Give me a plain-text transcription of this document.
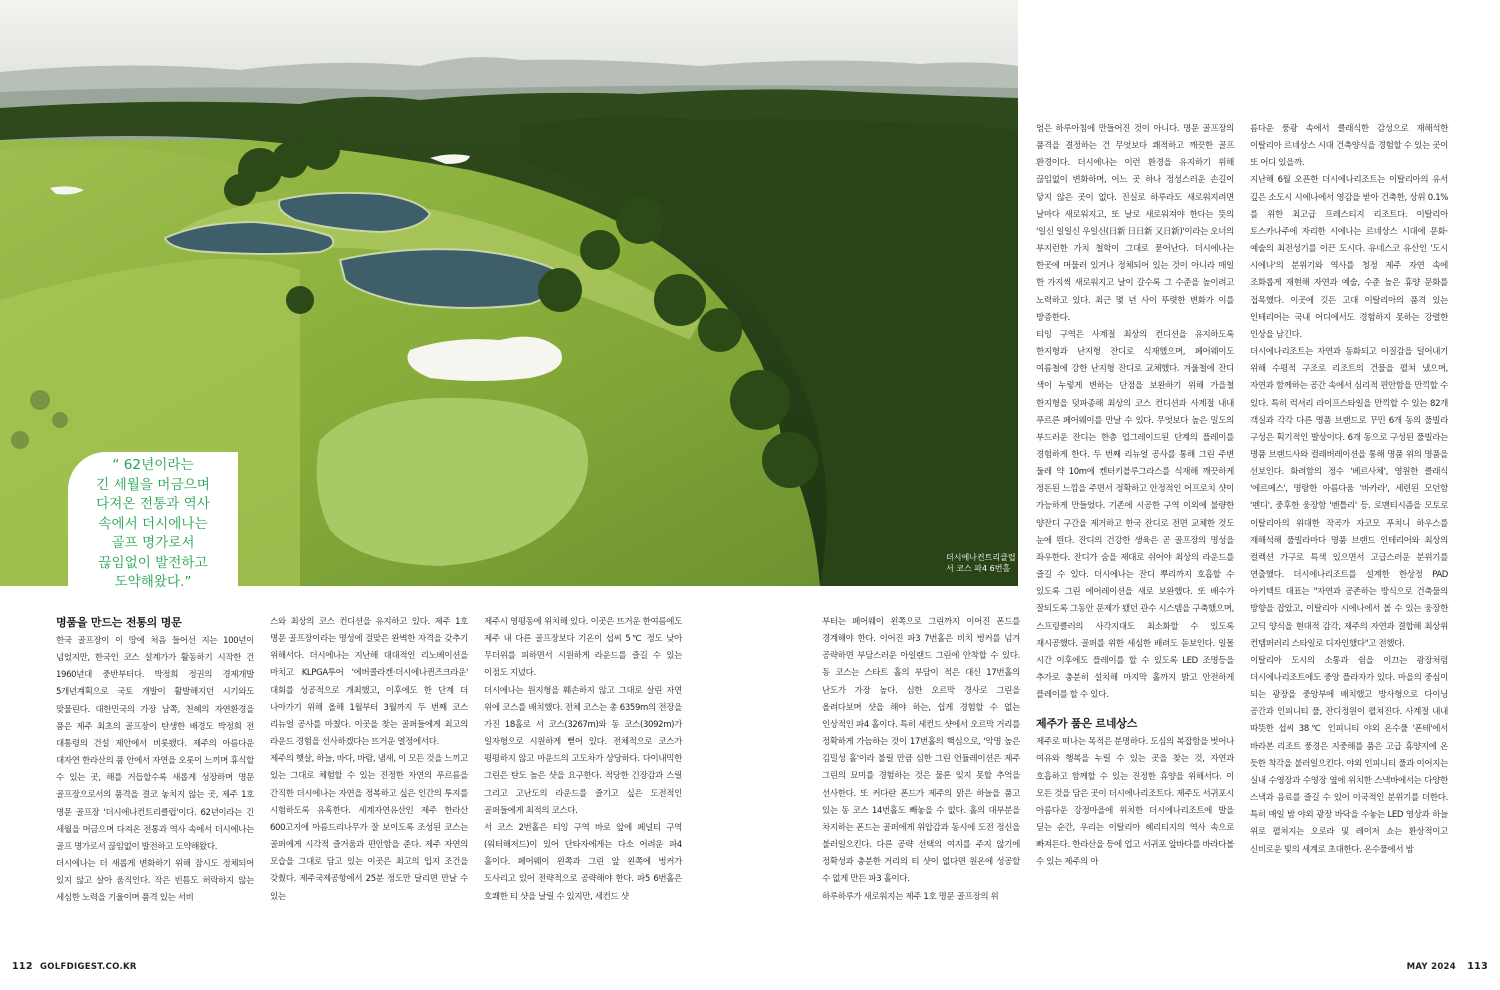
더시에나컨트리클럽
서 코스 파4 6번홀
“ 62년이라는
긴 세월을 머금으며
다져온 전통과 역사
속에서 더시에나는
골프 명가로서
끊임없이 발전하고
도약해왔다.”
명품을 만드는 전통의 명문

한국 골프장이 이 땅에 처음 들어선 지는 100년이 넘었지만, 한국인 코스 설계가가 활동하기 시작한 건 1960년대 중반부터다. 박정희 정권의 경제개발 5개년계획으로 국토 개발이 활발해지던 시기와도 맞물린다. 대한민국의 가장 남쪽, 천혜의 자연환경을 품은 제주 최초의 골프장이 탄생한 배경도 박정희 전 대통령의 건설 제안에서 비롯됐다. 제주의 아름다운 대자연 한라산의 품 안에서 자연을 오롯이 느끼며 휴식할 수 있는 곳, 해를 거듭할수록 새롭게 성장하며 명문 골프장으로서의 품격을 결코 놓치지 않는 곳, 제주 1호 명문 골프장 '더시에나컨트리클럽'이다. 62년이라는 긴 세월을 머금으며 다져온 전통과 역사 속에서 더시에나는 골프 명가로서 끊임없이 발전하고 도약해왔다.

더시에나는 더 새롭게 변화하기 위해 잠시도 정체되어 있지 않고 살아 움직인다. 작은 빈틈도 허락하지 않는 세심한 노력을 기울이며 품격 있는 서비

스와 최상의 코스 컨디션을 유지하고 있다. 제주 1호 명문 골프장이라는 명성에 걸맞은 완벽한 자격을 갖추기 위해서다. 더시에나는 지난해 대대적인 리노베이션을 마치고 KLPGA투어 '에버콜라겐·더시에나퀸즈크라운' 대회를 성공적으로 개최했고, 이후에도 한 단계 더 나아가기 위해 올해 1월부터 3월까지 두 번째 코스 리뉴얼 공사를 마쳤다. 이곳을 찾는 골퍼들에게 최고의 라운드 경험을 선사하겠다는 뜨거운 열정에서다.

제주의 햇살, 하늘, 바다, 바람, 냄새, 이 모든 것을 느끼고 있는 그대로 체험할 수 있는 진정한 자연의 푸르름을 간직한 더시에나는 자연을 정복하고 싶은 인간의 투지를 시험하도록 유혹한다. 세계자연유산인 제주 한라산 600고지에 아름드리나무가 잘 보이도록 조성된 코스는 골퍼에게 시각적 즐거움과 편안함을 준다. 제주 자연의 모습을 그대로 담고 있는 이곳은 최고의 입지 조건을 갖췄다. 제주국제공항에서 25분 정도만 달리면 만날 수 있는

제주시 영평동에 위치해 있다. 이곳은 뜨거운 한여름에도 제주 내 다른 골프장보다 기온이 섭씨 5℃ 정도 낮아 무더위를 피하면서 시원하게 라운드를 즐길 수 있는 이점도 지녔다.

더시에나는 원지형을 훼손하지 않고 그대로 살린 자연 위에 코스를 배치했다. 전체 코스는 총 6359m의 전장을 가진 18홀로 서 코스(3267m)와 동 코스(3092m)가 일자형으로 시원하게 뻗어 있다. 전체적으로 코스가 평평하지 않고 마운드의 고도차가 상당하다. 다이내믹한 그린은 탄도 높은 샷을 요구한다. 적당한 긴장감과 스릴 그리고 고난도의 라운드를 즐기고 싶은 도전적인 골퍼들에게 최적의 코스다.

서 코스 2번홀은 티잉 구역 바로 앞에 페널티 구역(워터해저드)이 있어 단타자에게는 다소 어려운 파4 홀이다. 페어웨이 왼쪽과 그린 앞 왼쪽에 벙커가 도사리고 있어 전략적으로 공략해야 한다. 파5 6번홀은 호쾌한 티 샷을 날릴 수 있지만, 세컨드 샷

부터는 페어웨이 왼쪽으로 그린까지 이어진 폰드를 경계해야 한다. 이어진 파3 7번홀은 비치 벙커를 넘겨 공략하면 부담스러운 아일랜드 그린에 안착할 수 있다. 동 코스는 스타트 홀의 부담이 적은 대신 17번홀의 난도가 가장 높다. 심한 오르막 경사로 그린을 올려다보며 샷을 해야 하는, 쉽게 경험할 수 없는 인상적인 파4 홀이다. 특히 세컨드 샷에서 오르막 거리를 정확하게 가늠하는 것이 17번홀의 핵심으로, '악명 높은 김밀성 홀'이라 불릴 만큼 심한 그린 언듈레이션은 제주 그린의 묘미를 경험하는 것은 물론 잊지 못할 추억을 선사한다. 또 커다란 폰드가 제주의 맑은 하늘을 품고 있는 동 코스 14번홀도 빼놓을 수 없다. 홀의 대부분을 차지하는 폰드는 골퍼에게 위압감과 동시에 도전 정신을 불러일으킨다. 다른 공략 선택의 여지를 주지 않기에 정확성과 충분한 거리의 티 샷이 없다면 원온에 성공할 수 없게 만든 파3 홀이다.

하루하루가 새로워지는 제주 1호 명문 골프장의 위

엄은 하루아침에 만들어진 것이 아니다. 명문 골프장의 품격을 결정하는 건 무엇보다 쾌적하고 깨끗한 골프 환경이다. 더시에나는 이런 환경을 유지하기 위해 끊임없이 변화하며, 어느 곳 하나 정성스러운 손길이 닿지 않은 곳이 없다. 진실로 하루라도 새로워지려면 날마다 새로워지고, 또 날로 새로워져야 한다는 뜻의 '일신 일일신 우일신(日新 日日新 又日新)'이라는 오너의 부지런한 가치 철학이 그대로 묻어난다. 더시에나는 한곳에 머물러 있거나 정체되어 있는 것이 아니라 매일 한 가지씩 새로워지고 날이 갈수록 그 수준을 높이려고 노력하고 있다. 최근 몇 년 사이 뚜렷한 변화가 이를 방증한다.

티잉 구역은 사계절 최상의 컨디션을 유지하도록 한지형과 난지형 잔디로 식재했으며, 페어웨이도 여름철에 강한 난지형 잔디로 교체했다. 겨울철에 잔디 색이 누렇게 변하는 단점을 보완하기 위해 가을철 한지형을 덧파종해 최상의 코스 컨디션과 사계절 내내 푸르른 페어웨이를 만날 수 있다. 무엇보다 높은 밀도의 부드러운 잔디는 한층 업그레이드된 단계의 플레이를 경험하게 한다. 두 번째 리뉴얼 공사를 통해 그린 주변 둘레 약 10m에 켄터키블루그라스를 식재해 깨끗하게 정돈된 느낌을 주면서 정확하고 안정적인 어프로치 샷이 가능하게 만들었다. 기존에 시공한 구역 이외에 불량한 양잔디 구간을 제거하고 한국 잔디로 전면 교체한 것도 눈에 띈다. 잔디의 건강한 생육은 곧 골프장의 명성을 좌우한다. 잔디가 숨을 제대로 쉬어야 최상의 라운드를 즐길 수 있다. 더시에나는 잔디 뿌리까지 호흡할 수 있도록 그린 에어레이션을 새로 보완했다. 또 배수가 잘되도록 그동안 문제가 됐던 관수 시스템을 구축했으며, 스프링클러의 사각지대도 최소화할 수 있도록 재시공했다. 골퍼를 위한 세심한 배려도 돋보인다. 일몰 시간 이후에도 플레이를 할 수 있도록 LED 조명등을 추가로 충분히 설치해 마지막 홀까지 밝고 안전하게 플레이를 할 수 있다.

제주가 품은 르네상스

제주로 떠나는 목적은 분명하다. 도심의 복잡함을 벗어나 여유와 행복을 누릴 수 있는 곳을 찾는 것, 자연과 호흡하고 함께할 수 있는 진정한 휴양을 위해서다. 이 모든 것을 담은 곳이 더시에나리조트다. 제주도 서귀포시 아름다운 강정마을에 위치한 더시에나리조트에 발을 딛는 순간, 우리는 이탈리아 헤리티지의 역사 속으로 빠져든다. 한라산을 등에 업고 서귀포 앞바다를 바라다볼 수 있는 제주의 아

름다운 풍광 속에서 클래식한 감성으로 재해석한 이탈리아 르네상스 시대 건축양식을 경험할 수 있는 곳이 또 어디 있을까.

지난해 6월 오픈한 더시에나리조트는 이탈리아의 유서 깊은 소도시 시에나에서 영감을 받아 건축한, 상위 0.1%를 위한 최고급 프레스티지 리조트다. 이탈리아 토스카나주에 자리한 시에나는 르네상스 시대에 문화·예술의 최전성기를 이끈 도시다. 유네스코 유산인 '도시 시에나'의 분위기와 역사를 청정 제주 자연 속에 조화롭게 재현해 자연과 예술, 수준 높은 휴양 문화를 접목했다. 이곳에 깃든 고대 이탈리아의 품격 있는 인테리어는 국내 어디에서도 경험하지 못하는 강렬한 인상을 남긴다.

더시에나리조트는 자연과 동화되고 이질감을 덜어내기 위해 수평적 구조로 리조트의 건물을 펼쳐 냈으며, 자연과 함께하는 공간 속에서 심리적 편안함을 만끽할 수 있다. 특히 럭셔리 라이프스타일을 만끽할 수 있는 82개 객실과 각각 다른 명품 브랜드로 꾸민 6개 동의 풀빌라 구성은 획기적인 발상이다. 6개 동으로 구성된 풀빌라는 명품 브랜드사와 컬래버레이션을 통해 명품 위의 명품을 선보인다. 화려함의 정수 '베르사체', 영원한 클래식 '에르메스', 명랑한 아름다움 '바카라', 세련된 모던함 '펜디', 중후한 웅장함 '벤틀리' 등. 로맨티시즘을 모토로 이탈리아의 위대한 작곡가 자코모 푸치니 하우스를 재해석해 풀빌라마다 명품 브랜드 인테리어와 최상의 컬렉션 가구로 특색 있으면서 고급스러운 분위기를 연출했다. 더시에나리조트를 설계한 한상정 PAD 아키텍트 대표는 "자연과 공존하는 방식으로 건축물의 방향을 잡았고, 이탈리아 시에나에서 볼 수 있는 웅장한 고딕 양식을 현대적 감각, 제주의 자연과 결합해 최상위 컨템퍼러리 스타일로 디자인했다"고 전했다.

이탈리아 도시의 소통과 쉼을 이끄는 광장처럼 더시에나리조트에도 중앙 플라자가 있다. 마을의 중심이 되는 광장을 중앙부에 배치했고 방사형으로 다이닝 공간과 인피니티 풀, 잔디정원이 펼쳐진다. 사계절 내내 따뜻한 섭씨 38℃ 인피니티 야외 온수풀 '폰테'에서 바라본 리조트 풍경은 지중해를 품은 고급 휴양지에 온 듯한 착각을 불러일으킨다. 야외 인피니티 풀과 이어지는 실내 수영장과 수영장 옆에 위치한 스낵바에서는 다양한 스낵과 음료를 즐길 수 있어 이국적인 분위기를 더한다. 특히 매일 밤 야외 광장 바닥을 수놓는 LED 영상과 하늘 위로 펼쳐지는 오로라 및 레이저 쇼는 환상적이고 신비로운 빛의 세계로 초대한다. 온수풀에서 밤

112 GOLFDIGEST.CO.KR	MAY 2024 113
